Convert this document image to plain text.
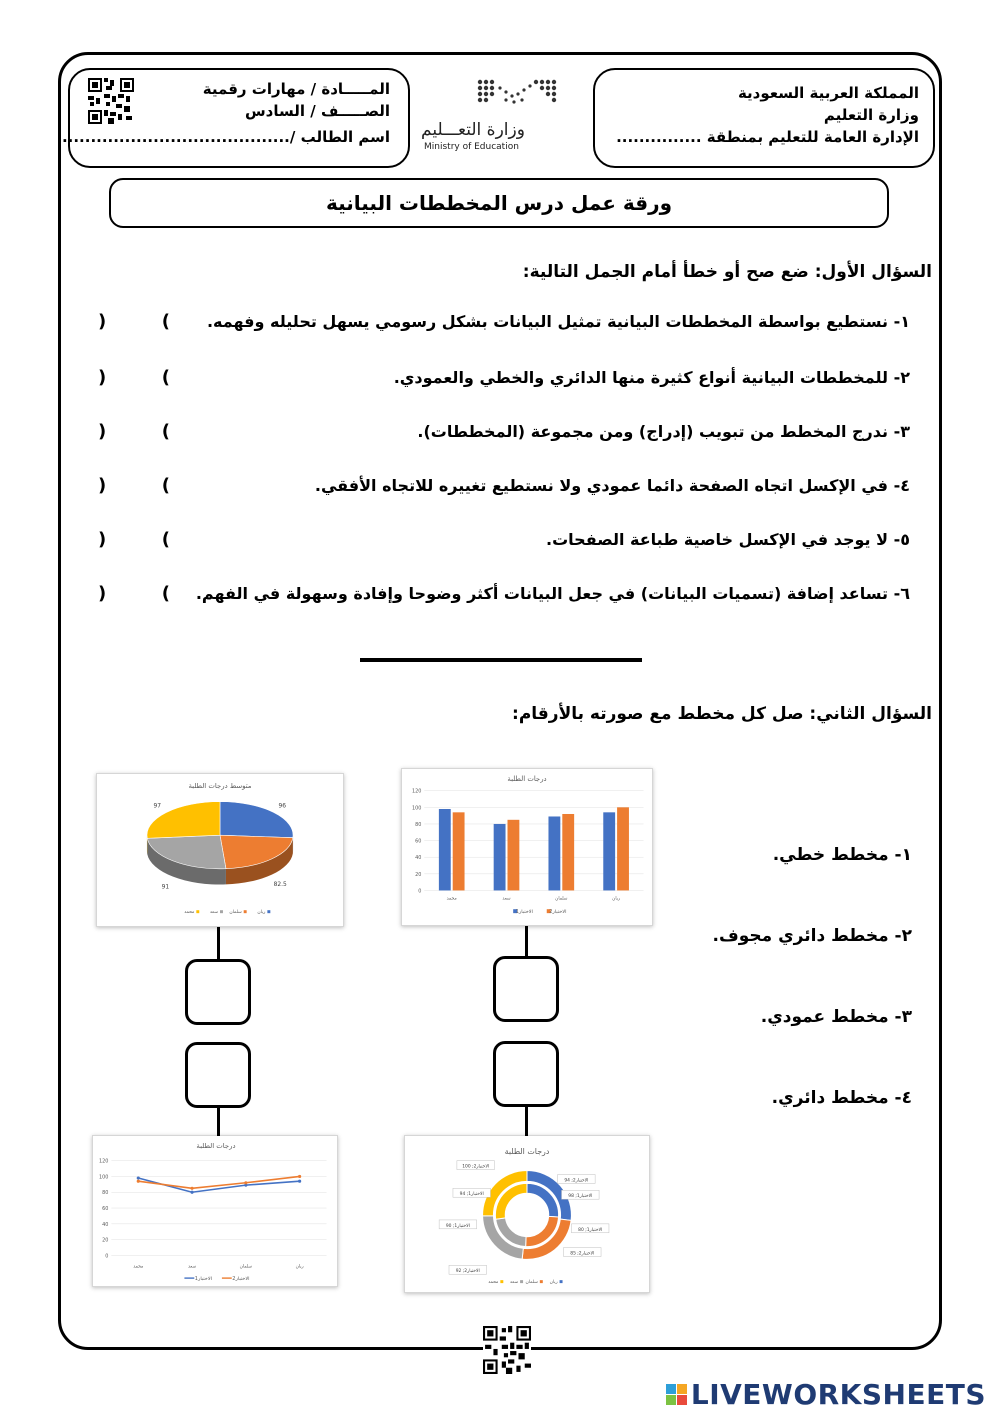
المملكة العربية السعودية
وزارة التعليم
الإدارة العامة للتعليم بمنطقة ...............
وزارة التعـــليم
Ministry of Education
المـــــادة / مهارات رقمية
الصـــــف / السادس
اسم الطالب /........................................
ورقة عمل درس المخططات البيانية
السؤال الأول: ضع صح أو خطأ أمام الجمل التالية:
١- نستطيع بواسطة المخططات البيانية تمثيل البيانات بشكل رسومي يسهل تحليله وفهمه.
)	(
٢- للمخططات البيانية أنواع كثيرة منها الدائري والخطي والعمودي.
)	(
٣- ندرج المخطط من تبويب (إدراج) ومن مجموعة (المخططات).
)	(
٤- في الإكسل اتجاه الصفحة دائما عمودي ولا نستطيع تغييره للاتجاه الأفقي.
)	(
٥- لا يوجد في الإكسل خاصية طباعة الصفحات.
)	(
٦- تساعد إضافة (تسميات البيانات) في جعل البيانات أكثر وضوحا وإفادة وسهولة في الفهم.
)	(
السؤال الثاني: صل كل مخطط مع صورته بالأرقام:
١- مخطط خطي.
٢- مخطط دائري مجوف.
٣- مخطط عمودي.
٤- مخطط دائري.
متوسط درجات الطلبة
96
82.5
91
97
ريان
سلمان
سعد
محمد
درجات الطلبة
0
20
40
60
80
100
120
محمد	سعد	سلمان	ريان
الاختبار1	الاختبار2
درجات الطلبة
0
20
40
60
80
100
120
محمد	سعد	سلمان	ريان
الاختبار1	الاختبار2
درجات الطلبة
الاختبار2; 94
الاختبار1; 98
الاختبار1; 80
الاختبار2; 85
الاختبار2; 92
الاختبار1; 90
الاختبار1; 94
الاختبار2; 100
ريان
سلمان
سعد
محمد
LIVEWORKSHEETS
